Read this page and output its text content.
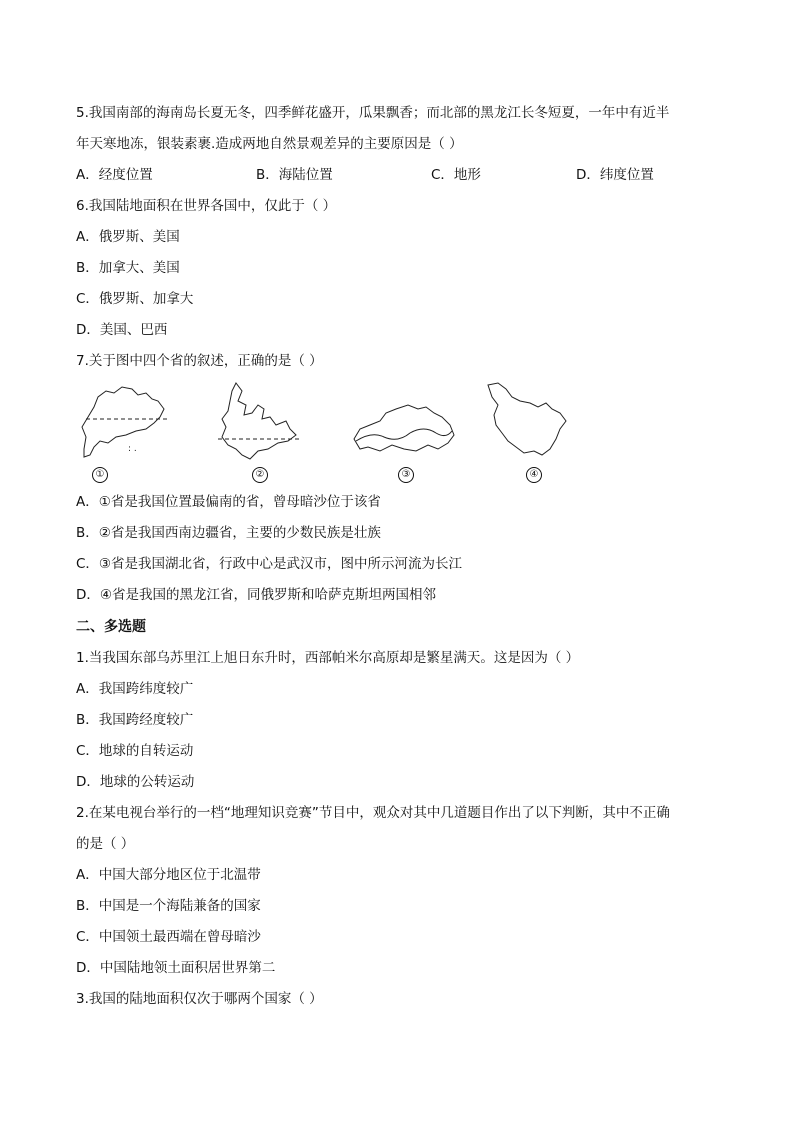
5.我国南部的海南岛长夏无冬，四季鲜花盛开，瓜果飘香；而北部的黑龙江长冬短夏，一年中有近半
年天寒地冻，银装素裹.造成两地自然景观差异的主要原因是（ ）
A．经度位置	B．海陆位置	C．地形	D．纬度位置
6.我国陆地面积在世界各国中，仅此于（ ）
A．俄罗斯、美国
B．加拿大、美国
C．俄罗斯、加拿大
D．美国、巴西
7.关于图中四个省的叙述，正确的是（ ）
: .
①	②	③	④
A．①省是我国位置最偏南的省，曾母暗沙位于该省
B．②省是我国西南边疆省，主要的少数民族是壮族
C．③省是我国湖北省，行政中心是武汉市，图中所示河流为长江
D．④省是我国的黑龙江省，同俄罗斯和哈萨克斯坦两国相邻
二、多选题
1.当我国东部乌苏里江上旭日东升时，西部帕米尔高原却是繁星满天。这是因为（ ）
A．我国跨纬度较广
B．我国跨经度较广
C．地球的自转运动
D．地球的公转运动
2.在某电视台举行的一档“地理知识竞赛”节目中，观众对其中几道题目作出了以下判断，其中不正确
的是（ ）
A．中国大部分地区位于北温带
B．中国是一个海陆兼备的国家
C．中国领土最西端在曾母暗沙
D．中国陆地领土面积居世界第二
3.我国的陆地面积仅次于哪两个国家（ ）
